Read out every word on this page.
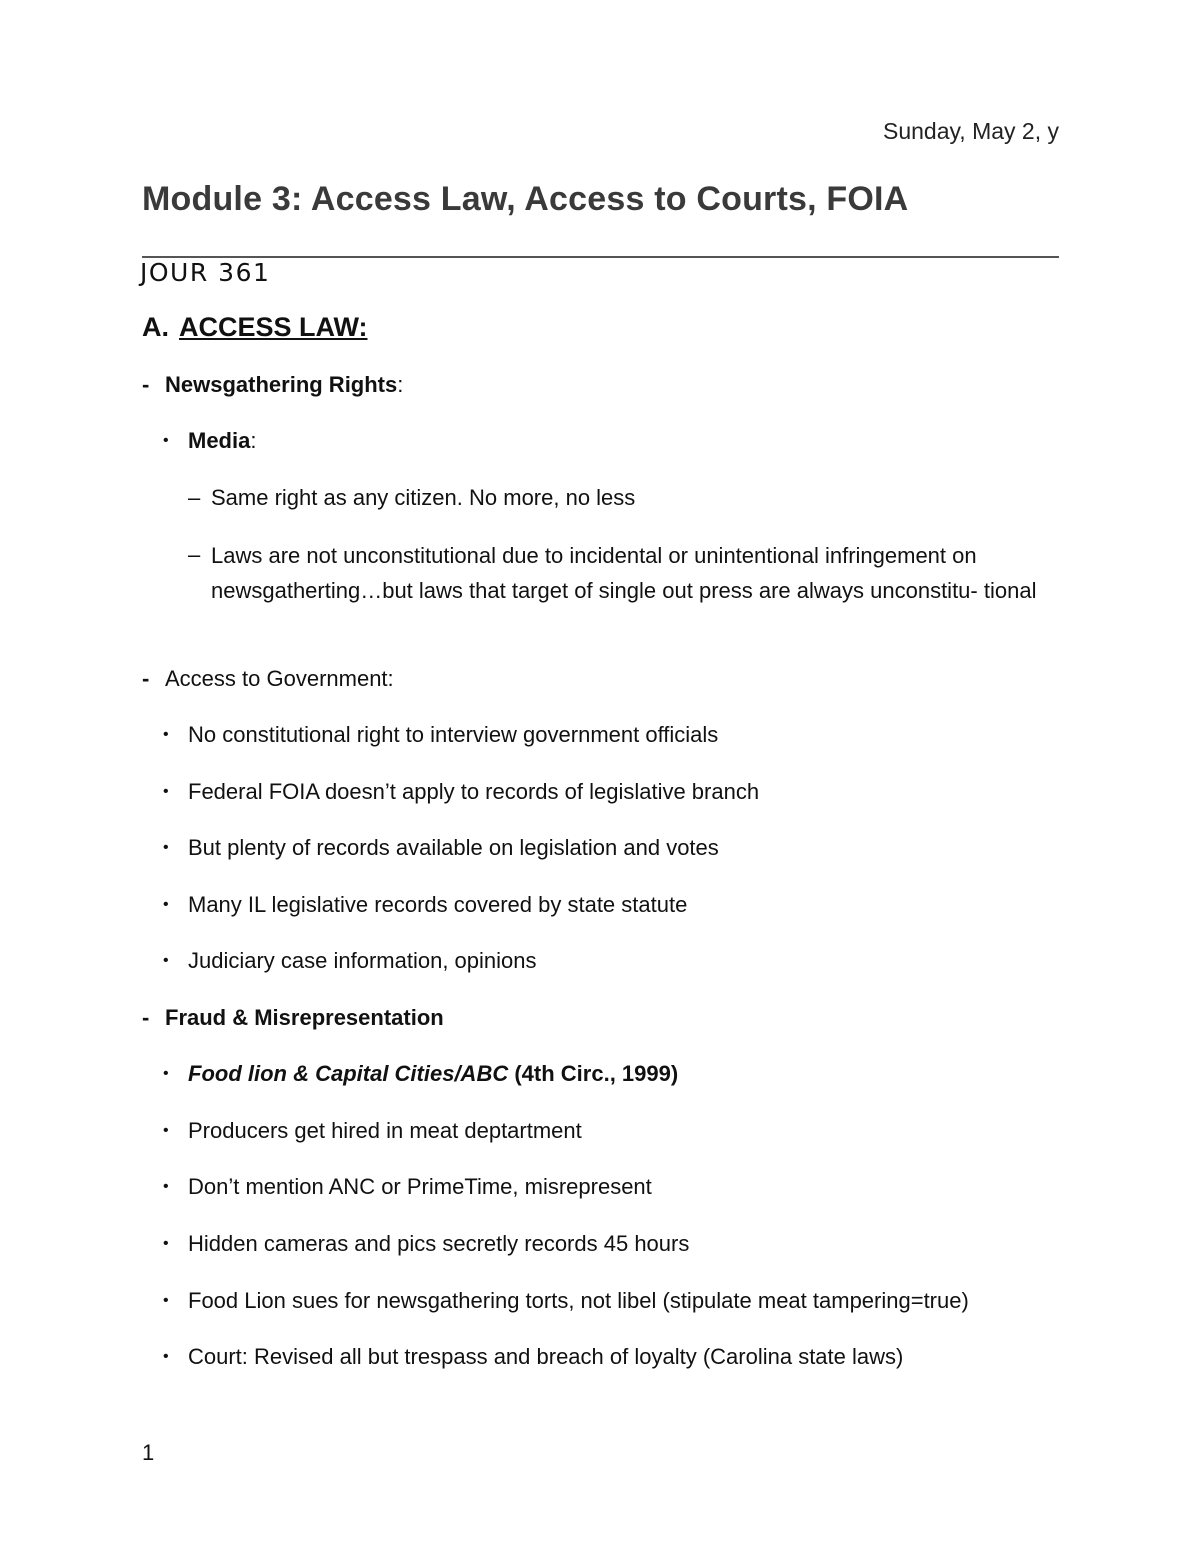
Sunday, May 2, y
Module 3: Access Law, Access to Courts, FOIA
JOUR 361
A. ACCESS LAW:
- Newsgathering Rights:
• Media:
– Same right as any citizen. No more, no less
– Laws are not unconstitutional due to incidental or unintentional infringement on newsgatherting…but laws that target of single out press are always unconstitu- tional
- Access to Government:
• No constitutional right to interview government officials
• Federal FOIA doesn’t apply to records of legislative branch
• But plenty of records available on legislation and votes
• Many IL legislative records covered by state statute
• Judiciary case information, opinions
- Fraud & Misrepresentation
• Food lion & Capital Cities/ABC (4th Circ., 1999)
• Producers get hired in meat deptartment
• Don’t mention ANC or PrimeTime, misrepresent
• Hidden cameras and pics secretly records 45 hours
• Food Lion sues for newsgathering torts, not libel (stipulate meat tampering=true)
• Court: Revised all but trespass and breach of loyalty (Carolina state laws)
1
